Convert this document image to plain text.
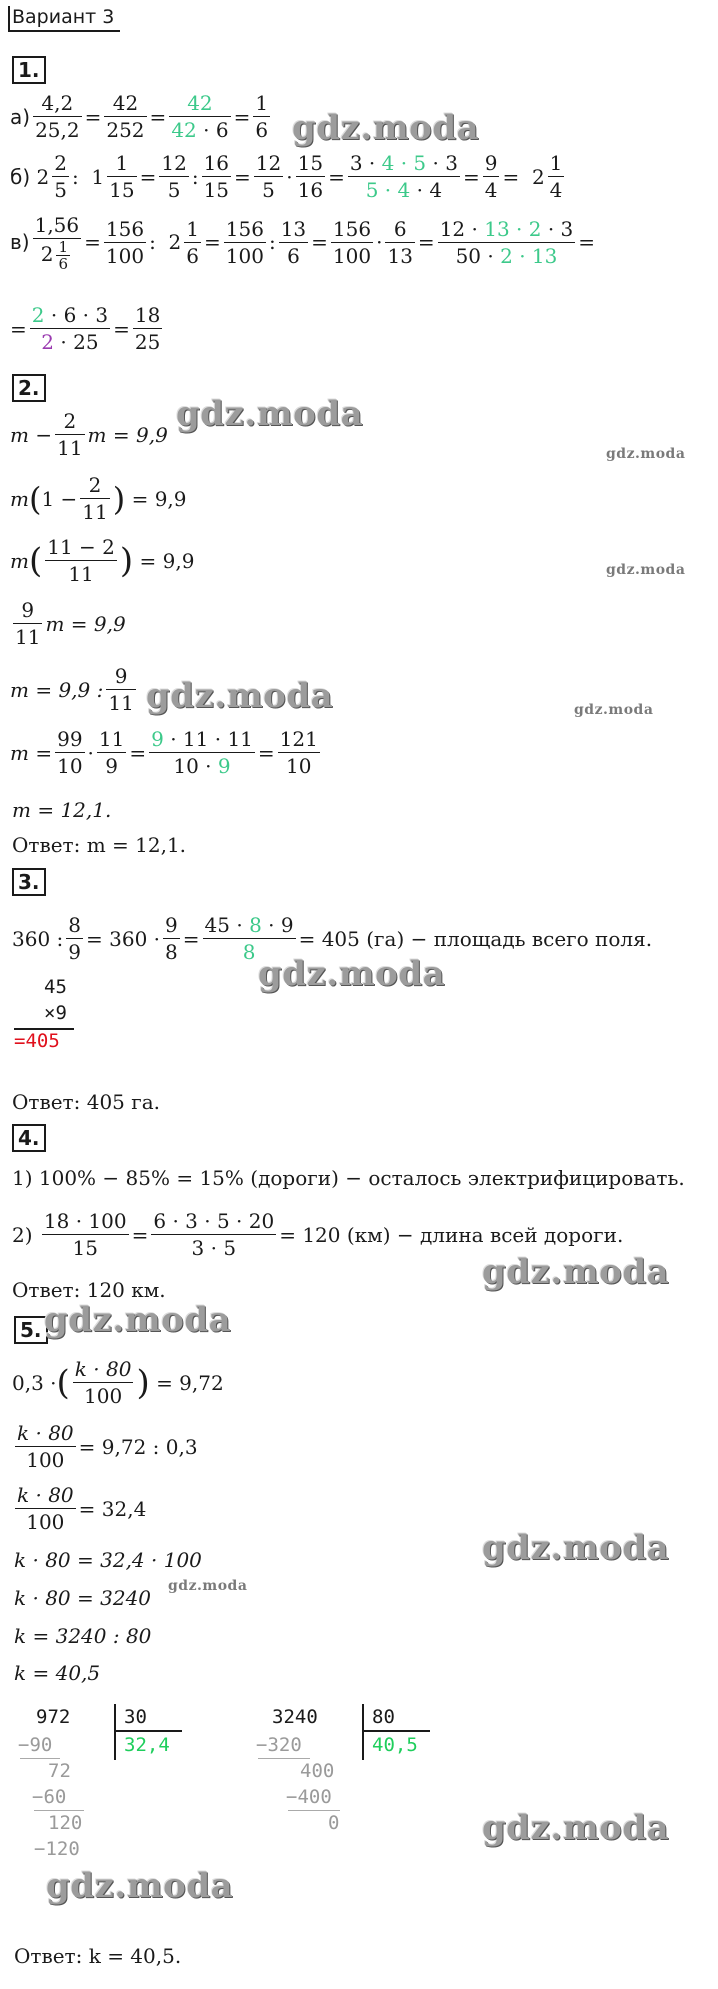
Вариант 3
1.
$а) \frac{4,2}{25,2} = \frac{42}{252} = \frac{42}{42 \cdot 6} = \frac{1}{6}$
б)
$2 \frac{2}{5}$ : $1 \frac{1}{15} = \frac{12}{5}$ : $\frac{16}{15} = \frac{12}{5} \cdot \frac{15}{16} = \frac{3 \cdot 4 \cdot 5 \cdot 3}{5 \cdot 4 \cdot 4} = \frac{9}{4} = 2 \frac{1}{4}$
$в) \frac{1,56}{2 \frac{1}{6}} = \frac{156}{100}$ : $2 \frac{1}{6} = \frac{156}{100}$ : $\frac{13}{6} = \frac{156}{100} \cdot \frac{6}{13} = \frac{12 \cdot 13 \cdot 2 \cdot 3}{50 \cdot 2 \cdot 13}$ =
= $\frac{2 \cdot 6 \cdot 3}{2 \cdot 25} = \frac{18}{25}$
2.
$m - \frac{2}{11}$ m = 9,9
m ( $1 - \frac{2}{11}$ )
= 9,9
m ( $\frac{11 - 2}{11}$ )
= 9,9
$\frac{9}{11}$ m = 9,9
m = 9,9 : $\frac{9}{11}$
$m = \frac{99}{10} \cdot \frac{11}{9} = \frac{9 \cdot 11 \cdot 11}{10 \cdot 9} = \frac{121}{10}$
m = 12,1.
Ответ: m = 12,1.
3.
360 : $\frac{8}{9} = 360 \cdot \frac{9}{8} = \frac{45 \cdot 8 \cdot 9}{8} = 405$ (га) − площадь всего поля.
45
×9
=405
Ответ: 405 га.
4.
1) 100% − 85% = 15% (дороги) − осталось электрифицировать.
2)
$\frac{18 \cdot 100}{15} = \frac{6 \cdot 3 \cdot 5 \cdot 20}{3 \cdot 5} = 120$ (км) − длина всей дороги.
Ответ: 120 км.
5.
0,3 · ( $\frac{k \cdot 80}{100}$ )
= 9,72
$\frac{k \cdot 80}{100} = 9,72$ : 0,3
$\frac{k \cdot 80}{100} = 32,4$
k · 80 = 32,4 · 100
k · 80 = 3240
k = 3240 : 80
k = 40,5
972	30
32,4
−90
72
−60
120
−120
3240	80
40,5
−320
400
−400
0
Ответ: k = 40,5.
gdz.moda
gdz.moda
gdz.moda
gdz.moda
gdz.moda	gdz.moda
gdz.moda
gdz.moda
gdz.moda
gdz.moda
gdz.moda
gdz.moda
gdz.moda
